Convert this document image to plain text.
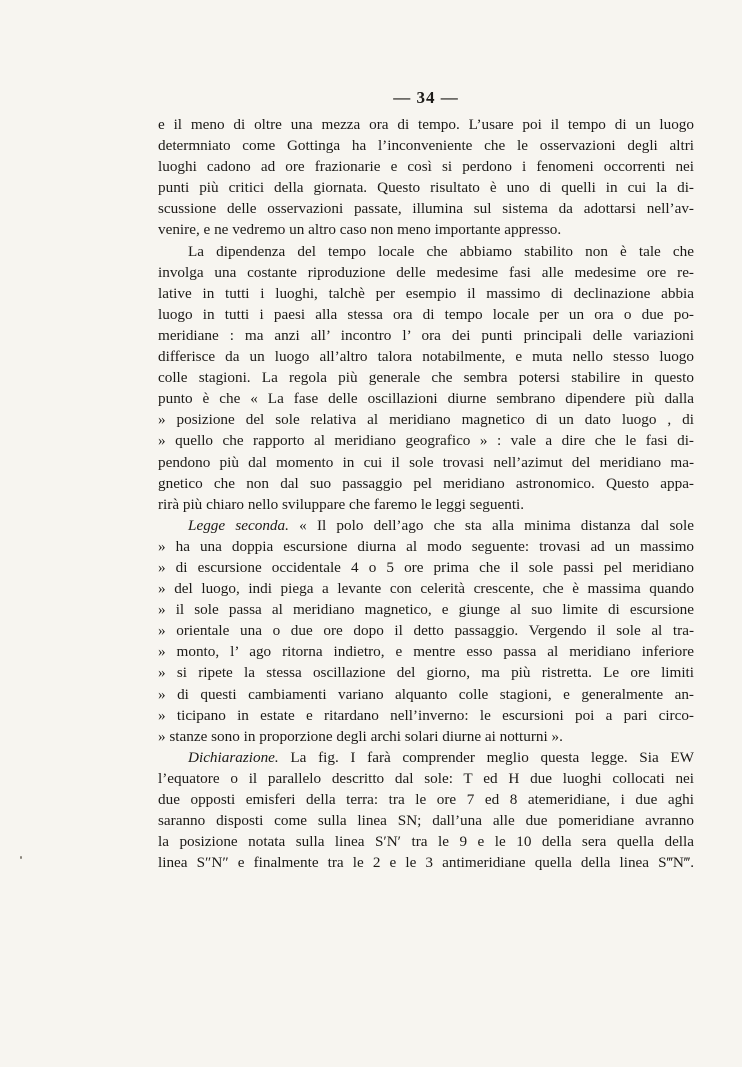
— 34 —
e il meno di oltre una mezza ora di tempo. L’usare poi il tempo di un luogo
determniato come Gottinga ha l’inconveniente che le osservazioni degli altri
luoghi cadono ad ore frazionarie e così si perdono i fenomeni occorrenti nei
punti più critici della giornata. Questo risultato è uno di quelli in cui la di-
scussione delle osservazioni passate, illumina sul sistema da adottarsi nell’av-
venire, e ne vedremo un altro caso non meno importante appresso.
La dipendenza del tempo locale che abbiamo stabilito non è tale che
involga una costante riproduzione delle medesime fasi alle medesime ore re-
lative in tutti i luoghi, talchè per esempio il massimo di declinazione abbia
luogo in tutti i paesi alla stessa ora di tempo locale per un ora o due po-
meridiane : ma anzi all’ incontro l’ ora dei punti principali delle variazioni
differisce da un luogo all’altro talora notabilmente, e muta nello stesso luogo
colle stagioni. La regola più generale che sembra potersi stabilire in questo
punto è che « La fase delle oscillazioni diurne sembrano dipendere più dalla
» posizione del sole relativa al meridiano magnetico di un dato luogo , di
» quello che rapporto al meridiano geografico » : vale a dire che le fasi di-
pendono più dal momento in cui il sole trovasi nell’azimut del meridiano ma-
gnetico che non dal suo passaggio pel meridiano astronomico. Questo appa-
rirà più chiaro nello sviluppare che faremo le leggi seguenti.
Legge seconda. « Il polo dell’ago che sta alla minima distanza dal sole
» ha una doppia escursione diurna al modo seguente: trovasi ad un massimo
» di escursione occidentale 4 o 5 ore prima che il sole passi pel meridiano
» del luogo, indi piega a levante con celerità crescente, che è massima quando
» il sole passa al meridiano magnetico, e giunge al suo limite di escursione
» orientale una o due ore dopo il detto passaggio. Vergendo il sole al tra-
» monto, l’ ago ritorna indietro, e mentre esso passa al meridiano inferiore
» si ripete la stessa oscillazione del giorno, ma più ristretta. Le ore limiti
» di questi cambiamenti variano alquanto colle stagioni, e generalmente an-
» ticipano in estate e ritardano nell’inverno: le escursioni poi a pari circo-
» stanze sono in proporzione degli archi solari diurne ai notturni ».
Dichiarazione. La fig. I farà comprender meglio questa legge. Sia EW
l’equatore o il parallelo descritto dal sole: T ed H due luoghi collocati nei
due opposti emisferi della terra: tra le ore 7 ed 8 atemeridiane, i due aghi
saranno disposti come sulla linea SN; dall’una alle due pomeridiane avranno
la posizione notata sulla linea S′N′ tra le 9 e le 10 della sera quella della
linea S″N″ e finalmente tra le 2 e le 3 antimeridiane quella della linea S‴N‴.
